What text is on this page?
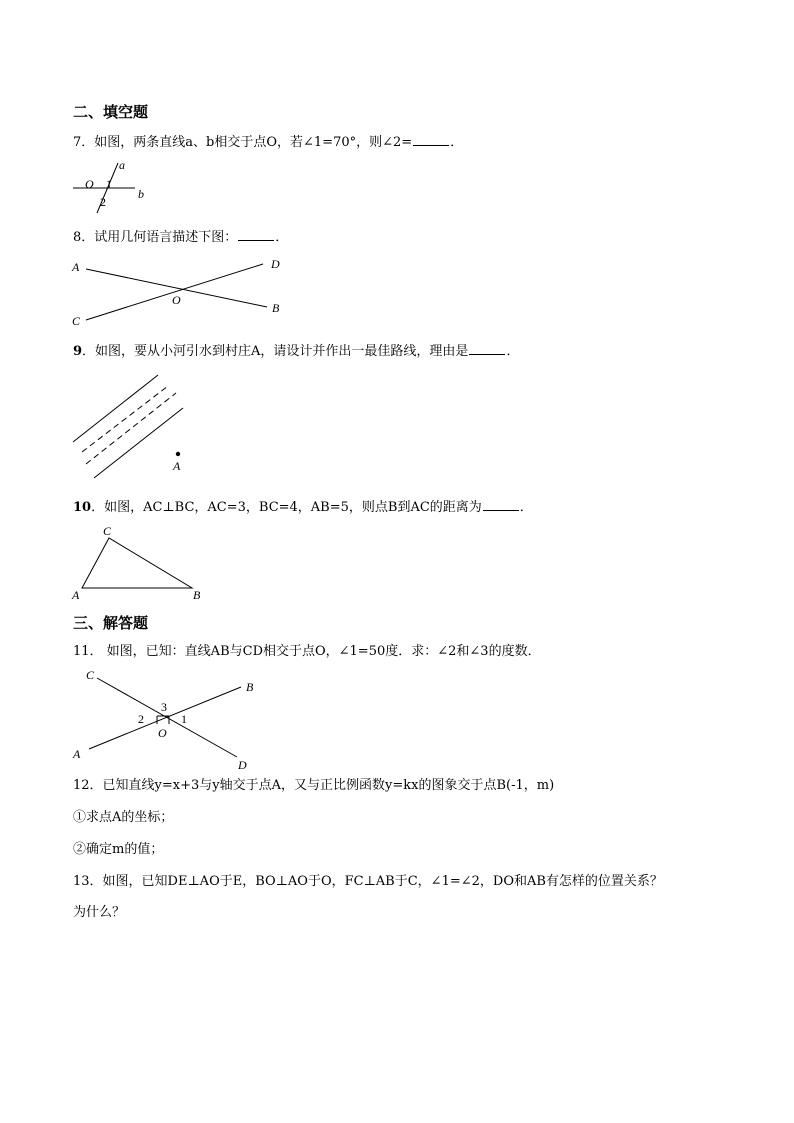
二、填空题
7．如图，两条直线a、b相交于点O，若∠1=70°，则∠2=	．
a
b
O 1
2
8．试用几何语言描述下图：	．
A
B
C
D
O
9．如图，要从小河引水到村庄A，请设计并作出一最佳路线，理由是	．
A
10．如图，AC⊥BC，AC=3，BC=4，AB=5，则点B到AC的距离为	．
C
A	B
三、解答题
11． 如图，已知：直线AB与CD相交于点O，∠1=50度．求：∠2和∠3的度数．
C
B
A
D
O
3
2	1
12．已知直线y=x+3与y轴交于点A，又与正比例函数y=kx的图象交于点B(-1，m)
①求点A的坐标；
②确定m的值；
13．如图，已知DE⊥AO于E，BO⊥AO于O，FC⊥AB于C，∠1=∠2，DO和AB有怎样的位置关系？
为什么？
